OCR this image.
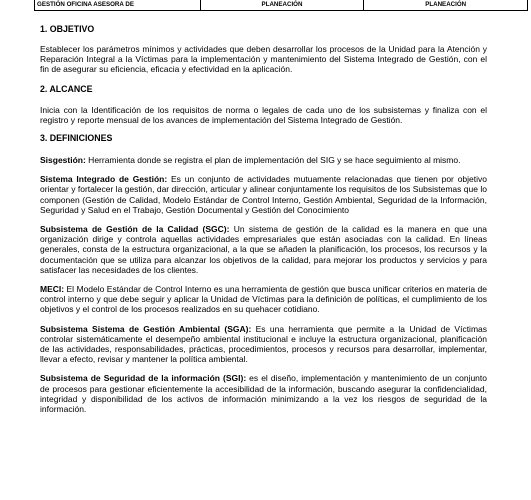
GESTIÓN OFICINA ASESORA DE	PLANEACIÓN	PLANEACIÓN

1. OBJETIVO

Establecer los parámetros mínimos y actividades que deben desarrollar los procesos de la Unidad para la Atención y Reparación Integral a la Víctimas para la implementación y mantenimiento del Sistema Integrado de Gestión, con el fin de asegurar su eficiencia, eficacia y efectividad en la aplicación.

2. ALCANCE

Inicia con la Identificación de los requisitos de norma o legales de cada uno de los subsistemas y finaliza con el registro y reporte mensual de los avances de implementación del Sistema Integrado de Gestión.

3. DEFINICIONES

Sisgestión: Herramienta donde se registra el plan de implementación del SIG y se hace seguimiento al mismo.

Sistema Integrado de Gestión: Es un conjunto de actividades mutuamente relacionadas que tienen por objetivo orientar y fortalecer la gestión, dar dirección, articular y alinear conjuntamente los requisitos de los Subsistemas que lo componen (Gestión de Calidad, Modelo Estándar de Control Interno, Gestión Ambiental, Seguridad de la Información, Seguridad y Salud en el Trabajo, Gestión Documental y Gestión del Conocimiento

Subsistema de Gestión de la Calidad (SGC): Un sistema de gestión de la calidad es la manera en que una organización dirige y controla aquellas actividades empresariales que están asociadas con la calidad. En líneas generales, consta de la estructura organizacional, a la que se añaden la planificación, los procesos, los recursos y la documentación que se utiliza para alcanzar los objetivos de la calidad, para mejorar los productos y servicios y para satisfacer las necesidades de los clientes.

MECI: El Modelo Estándar de Control Interno es una herramienta de gestión que busca unificar criterios en materia de control interno y que debe seguir y aplicar la Unidad de Víctimas para la definición de políticas, el cumplimiento de los objetivos y el control de los procesos realizados en su quehacer cotidiano.

Subsistema Sistema de Gestión Ambiental (SGA): Es una herramienta que permite a la Unidad de Víctimas controlar sistemáticamente el desempeño ambiental institucional e incluye la estructura organizacional, planificación de las actividades, responsabilidades, prácticas, procedimientos, procesos y recursos para desarrollar, implementar, llevar a efecto, revisar y mantener la política ambiental.

Subsistema de Seguridad de la información (SGI): es el diseño, implementación y mantenimiento de un conjunto de procesos para gestionar eficientemente la accesibilidad de la información, buscando asegurar la confidencialidad, integridad y disponibilidad de los activos de información minimizando a la vez los riesgos de seguridad de la información.
